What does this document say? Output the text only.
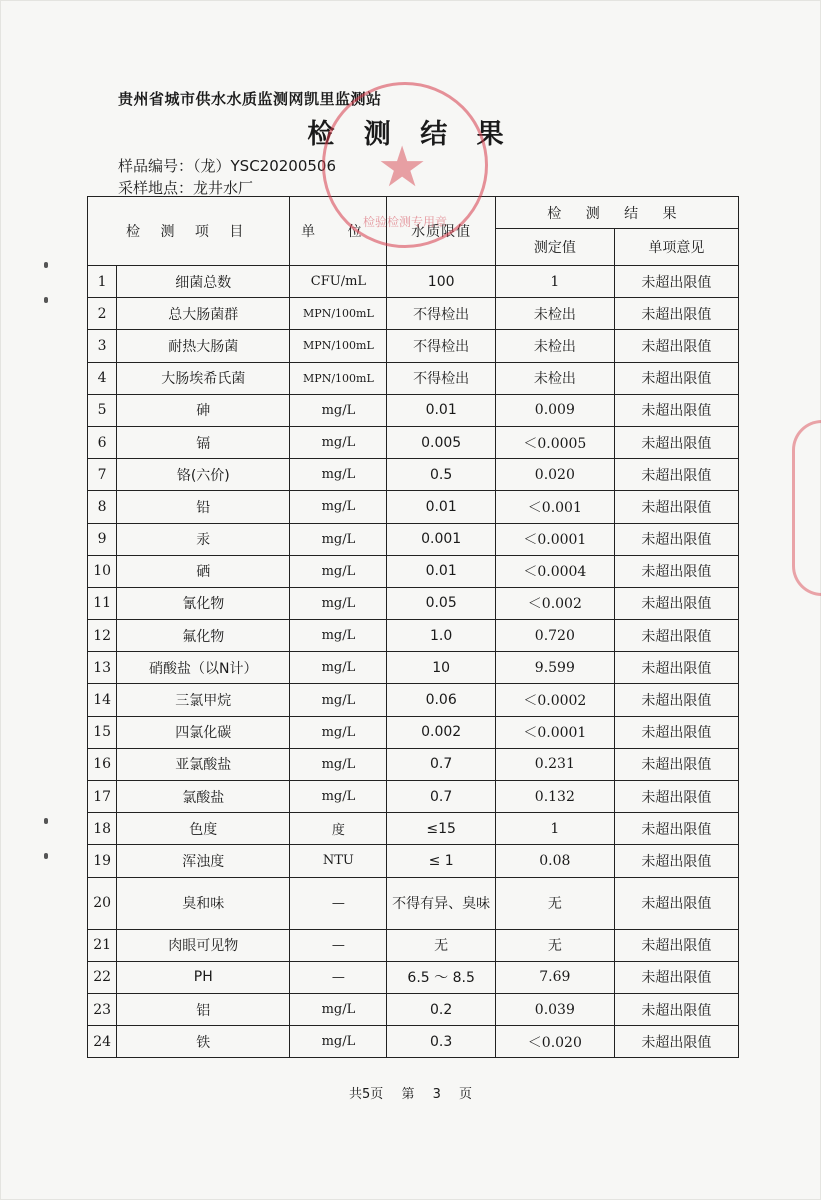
贵州省城市供水水质监测网凯里监测站
检 测 结 果
样品编号：（龙）YSC20200506
采样地点：龙井水厂
检 测 项 目		单 位	水质限值	检 测 结 果	
				测定值	单项意见
1	细菌总数	CFU/mL	100	1	未超出限值
2	总大肠菌群	MPN/100mL	不得检出	未检出	未超出限值
3	耐热大肠菌	MPN/100mL	不得检出	未检出	未超出限值
4	大肠埃希氏菌	MPN/100mL	不得检出	未检出	未超出限值
5	砷	mg/L	0.01	0.009	未超出限值
6	镉	mg/L	0.005	＜0.0005	未超出限值
7	铬(六价)	mg/L	0.5	0.020	未超出限值
8	铅	mg/L	0.01	＜0.001	未超出限值
9	汞	mg/L	0.001	＜0.0001	未超出限值
10	硒	mg/L	0.01	＜0.0004	未超出限值
11	氰化物	mg/L	0.05	＜0.002	未超出限值
12	氟化物	mg/L	1.0	0.720	未超出限值
13	硝酸盐（以N计）	mg/L	10	9.599	未超出限值
14	三氯甲烷	mg/L	0.06	＜0.0002	未超出限值
15	四氯化碳	mg/L	0.002	＜0.0001	未超出限值
16	亚氯酸盐	mg/L	0.7	0.231	未超出限值
17	氯酸盐	mg/L	0.7	0.132	未超出限值
18	色度	度	≤15	1	未超出限值
19	浑浊度	NTU	≤ 1	0.08	未超出限值
20	臭和味	—	不得有异、臭味	无	未超出限值
21	肉眼可见物	—	无	无	未超出限值
22	PH	—	6.5 ～ 8.5	7.69	未超出限值
23	铝	mg/L	0.2	0.039	未超出限值
24	铁	mg/L	0.3	＜0.020	未超出限值
共5页 第 3 页
★
检验检测专用章
